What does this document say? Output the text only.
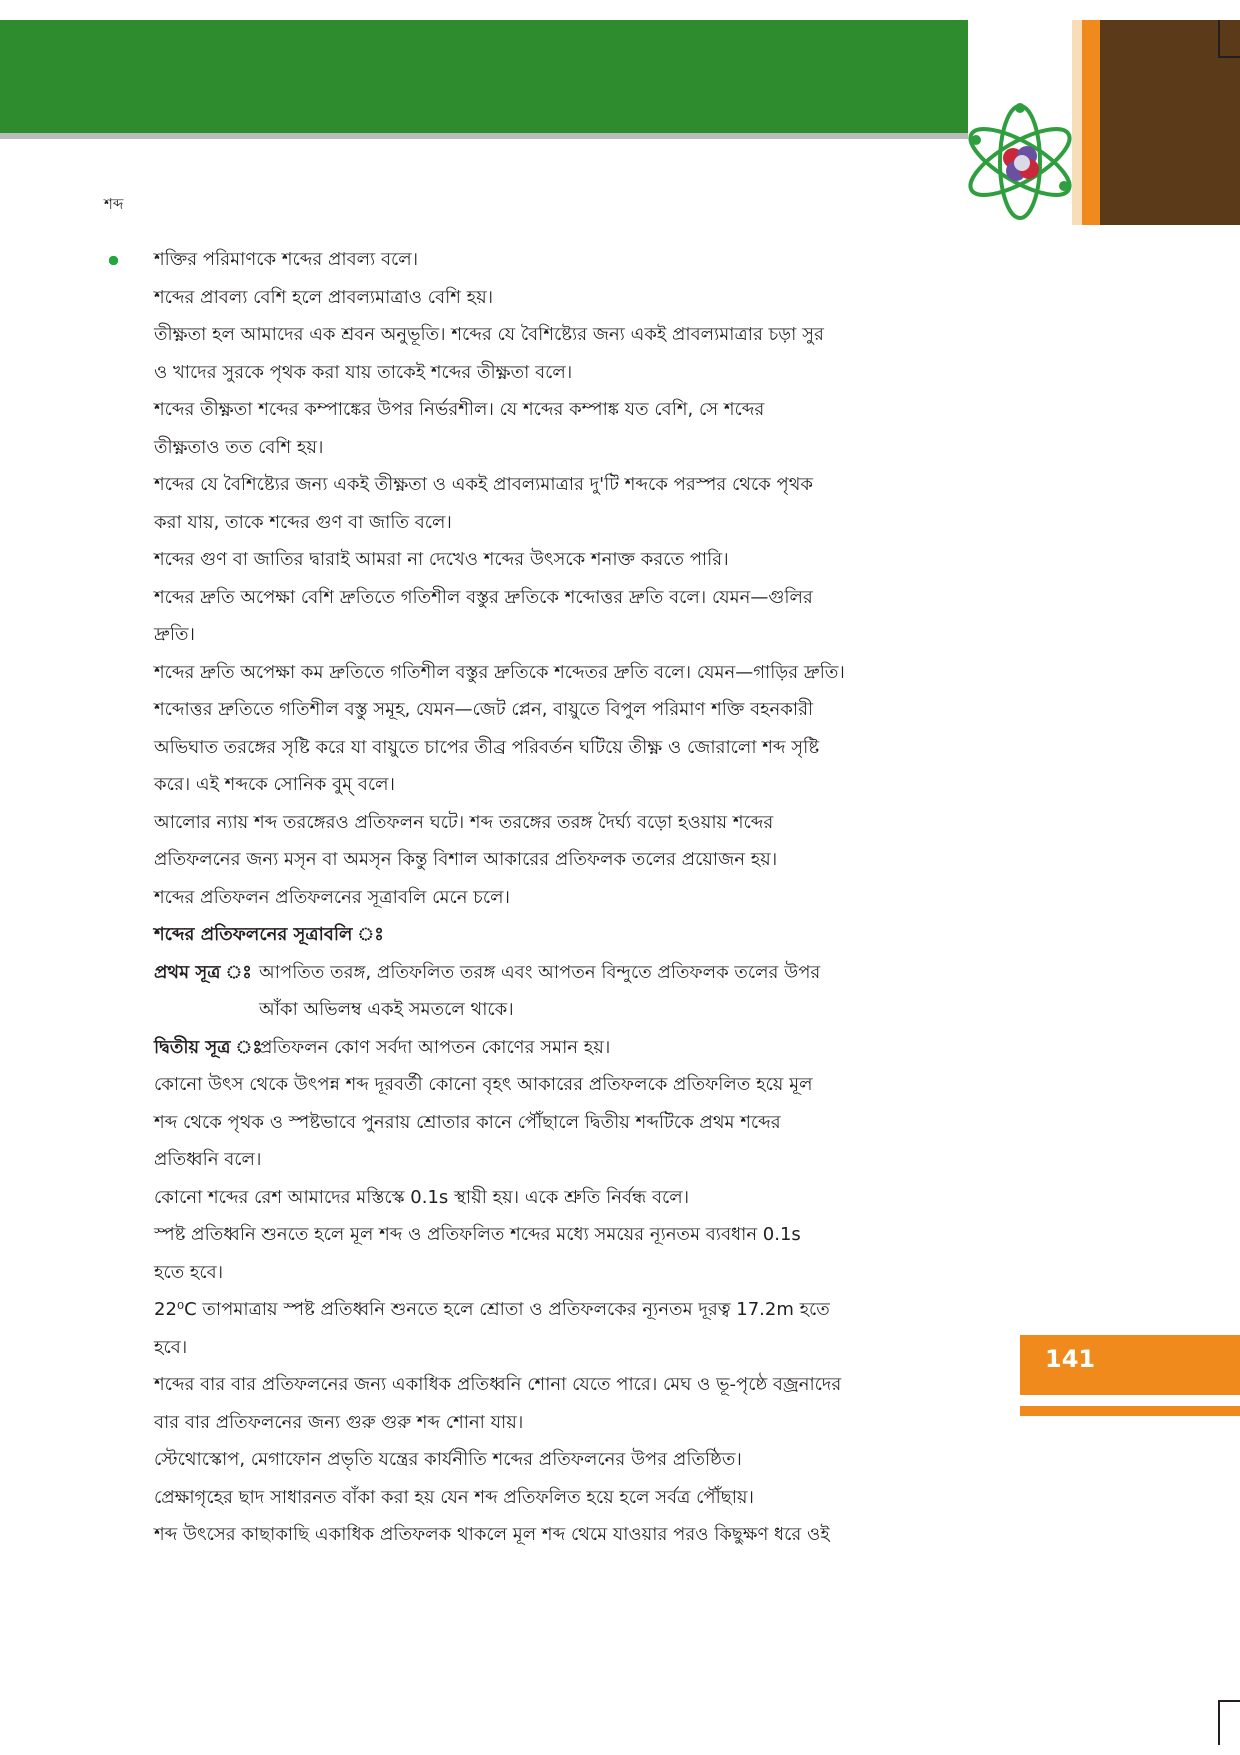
শব্দ
শক্তির পরিমাণকে শব্দের প্রাবল্য বলে।
শব্দের প্রাবল্য বেশি হলে প্রাবল্যমাত্রাও বেশি হয়।
তীক্ষ্ণতা হল আমাদের এক শ্রবন অনুভূতি। শব্দের যে বৈশিষ্ট্যের জন্য একই প্রাবল্যমাত্রার চড়া সুর
ও খাদের সুরকে পৃথক করা যায় তাকেই শব্দের তীক্ষ্ণতা বলে।
শব্দের তীক্ষ্ণতা শব্দের কম্পাঙ্কের উপর নির্ভরশীল। যে শব্দের কম্পাঙ্ক যত বেশি, সে শব্দের
তীক্ষ্ণতাও তত বেশি হয়।
শব্দের যে বৈশিষ্ট্যের জন্য একই তীক্ষ্ণতা ও একই প্রাবল্যমাত্রার দু'টি শব্দকে পরস্পর থেকে পৃথক
করা যায়, তাকে শব্দের গুণ বা জাতি বলে।
শব্দের গুণ বা জাতির দ্বারাই আমরা না দেখেও শব্দের উৎসকে শনাক্ত করতে পারি।
শব্দের দ্রুতি অপেক্ষা বেশি দ্রুতিতে গতিশীল বস্তুর দ্রুতিকে শব্দোত্তর দ্রুতি বলে। যেমন—গুলির
দ্রুতি।
শব্দের দ্রুতি অপেক্ষা কম দ্রুতিতে গতিশীল বস্তুর দ্রুতিকে শব্দেতর দ্রুতি বলে। যেমন—গাড়ির দ্রুতি।
শব্দোত্তর দ্রুতিতে গতিশীল বস্তু সমূহ, যেমন—জেট প্লেন, বায়ুতে বিপুল পরিমাণ শক্তি বহনকারী
অভিঘাত তরঙ্গের সৃষ্টি করে যা বায়ুতে চাপের তীব্র পরিবর্তন ঘটিয়ে তীক্ষ্ণ ও জোরালো শব্দ সৃষ্টি
করে। এই শব্দকে সোনিক বুম্ বলে।
আলোর ন্যায় শব্দ তরঙ্গেরও প্রতিফলন ঘটে। শব্দ তরঙ্গের তরঙ্গ দৈর্ঘ্য বড়ো হওয়ায় শব্দের
প্রতিফলনের জন্য মসৃন বা অমসৃন কিন্তু বিশাল আকারের প্রতিফলক তলের প্রয়োজন হয়।
শব্দের প্রতিফলন প্রতিফলনের সূত্রাবলি মেনে চলে।
শব্দের প্রতিফলনের সূত্রাবলি ঃ
প্রথম সূত্র ঃ আপতিত তরঙ্গ, প্রতিফলিত তরঙ্গ এবং আপতন বিন্দুতে প্রতিফলক তলের উপর
আঁকা অভিলম্ব একই সমতলে থাকে।
দ্বিতীয় সূত্র ঃপ্রতিফলন কোণ সর্বদা আপতন কোণের সমান হয়।
কোনো উৎস থেকে উৎপন্ন শব্দ দূরবর্তী কোনো বৃহৎ আকারের প্রতিফলকে প্রতিফলিত হয়ে মূল
শব্দ থেকে পৃথক ও স্পষ্টভাবে পুনরায় শ্রোতার কানে পৌঁছালে দ্বিতীয় শব্দটিকে প্রথম শব্দের
প্রতিধ্বনি বলে।
কোনো শব্দের রেশ আমাদের মস্তিস্কে 0.1s স্থায়ী হয়। একে শ্রুতি নির্বন্ধ বলে।
স্পষ্ট প্রতিধ্বনি শুনতে হলে মূল শব্দ ও প্রতিফলিত শব্দের মধ্যে সময়ের ন্যূনতম ব্যবধান 0.1s
হতে হবে।
22⁰C তাপমাত্রায় স্পষ্ট প্রতিধ্বনি শুনতে হলে শ্রোতা ও প্রতিফলকের ন্যূনতম দূরত্ব 17.2m হতে
হবে।
শব্দের বার বার প্রতিফলনের জন্য একাধিক প্রতিধ্বনি শোনা যেতে পারে। মেঘ ও ভূ-পৃষ্ঠে বজ্রনাদের
বার বার প্রতিফলনের জন্য গুরু গুরু শব্দ শোনা যায়।
স্টেথোস্কোপ, মেগাফোন প্রভৃতি যন্ত্রের কার্যনীতি শব্দের প্রতিফলনের উপর প্রতিষ্ঠিত।
প্রেক্ষাগৃহের ছাদ সাধারনত বাঁকা করা হয় যেন শব্দ প্রতিফলিত হয়ে হলে সর্বত্র পৌঁছায়।
শব্দ উৎসের কাছাকাছি একাধিক প্রতিফলক থাকলে মূল শব্দ থেমে যাওয়ার পরও কিছুক্ষণ ধরে ওই
141
